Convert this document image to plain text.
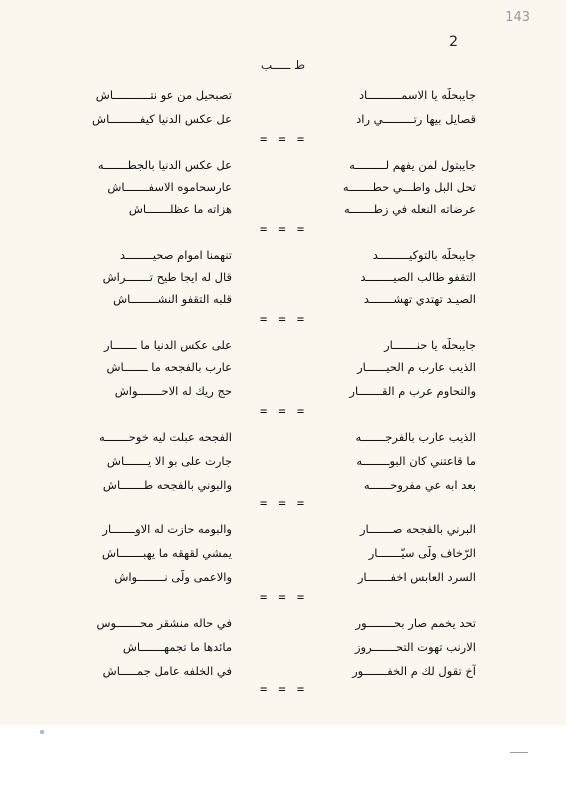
143
2
ط ـــــب
جايبحلّه يا الاسمــــــــــاد
تصبحيل من عو نتـــــــــــاش
قصايل بيها رتـــــــــي راد
عل عكس الدنيا كيفـــــــــاش
= = =
جايبتول لمن يفهم لـــــــــه
عل عكس الدنيا بالجطـــــــه
تحل البل واطـــي حطـــــــه
عارسحاموه الاسفـــــــاش
عرضاته النعله في زطـــــــه
هزاته ما عظلـــــــاش
= = =
جايبحلّه بالتوكيـــــــــد
تنهمنا اموام صحيــــــــد
التقفو طالب الصيــــــــد
قال له ايجا طيح تـــــــراش
الصيـد تهتدي تهشـــــــد
قلبه التقفو النشــــــــاش
= = =
جايبحلّه يا حنـــــــار
على عكس الدنيا ما ـــــــار
الذيب عارب م الحيــــــار
عارب بالفجحه ما ـــــــاش
والتحاوم عرب م القـــــــار
حج ريك له الاحـــــــواش
= = =
الذيب عارب بالفرجـــــــه
الفجحه عبلت ليه خوحـــــــه
ما قاعتني كان البوــــــــه
جارت على بو الا يـــــــاش
بعد ابه عي مفروحــــــه
والبوني بالفجحه طـــــــاش
= = =
البرني بالفجحه صـــــــار
والبومه حازت له الاوـــــــار
الرّخاف ولّى سيّـــــــار
يمشي لقهقه ما يهبـــــــاش
السرد العابس اخفـــــــار
والاعمى ولّى نــــــــواش
= = =
تحد يخمم صار بحــــــــور
في حاله منشقر محـــــــوس
الارنب تهوت التحـــــــروز
مائدها ما تجمهـــــــاش
آخ تقول لك م الخفـــــــور
في الخلفه عامل جمـــــاش
= = =
